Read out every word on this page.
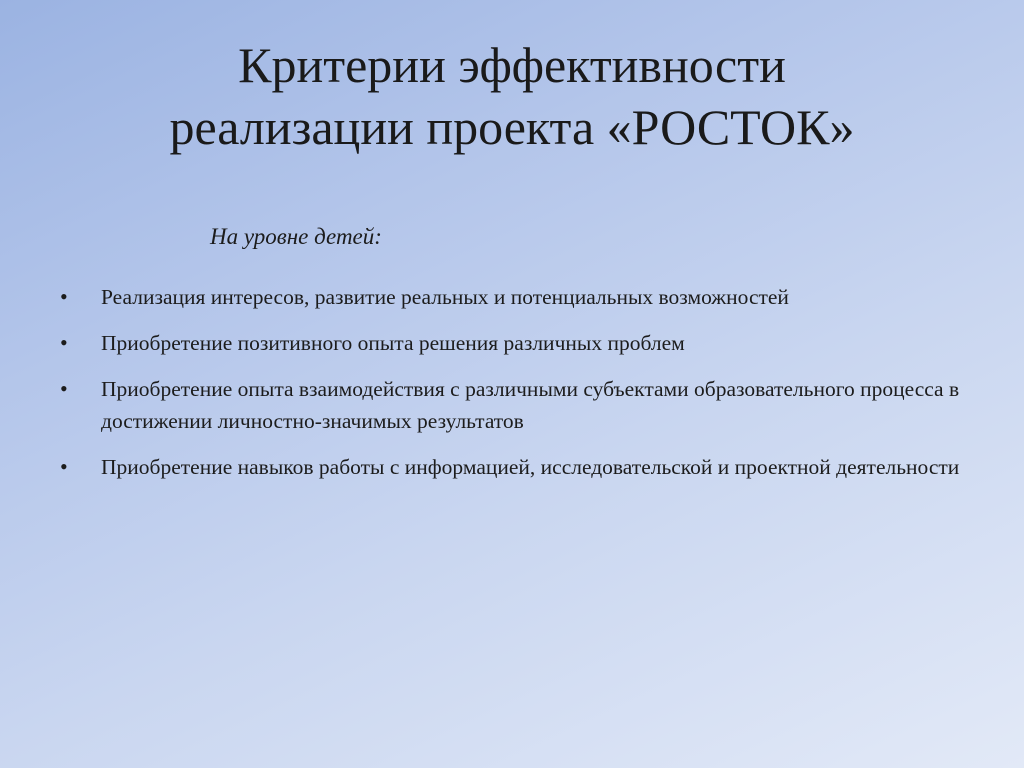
Критерии эффективности
реализации проекта «РОСТОК»

На уровне детей:

• Реализация интересов, развитие реальных и потенциальных возможностей
• Приобретение позитивного опыта решения различных проблем
• Приобретение опыта взаимодействия с различными субъектами образовательного процесса в достижении личностно-значимых результатов
• Приобретение навыков работы с информацией, исследовательской и проектной деятельности
